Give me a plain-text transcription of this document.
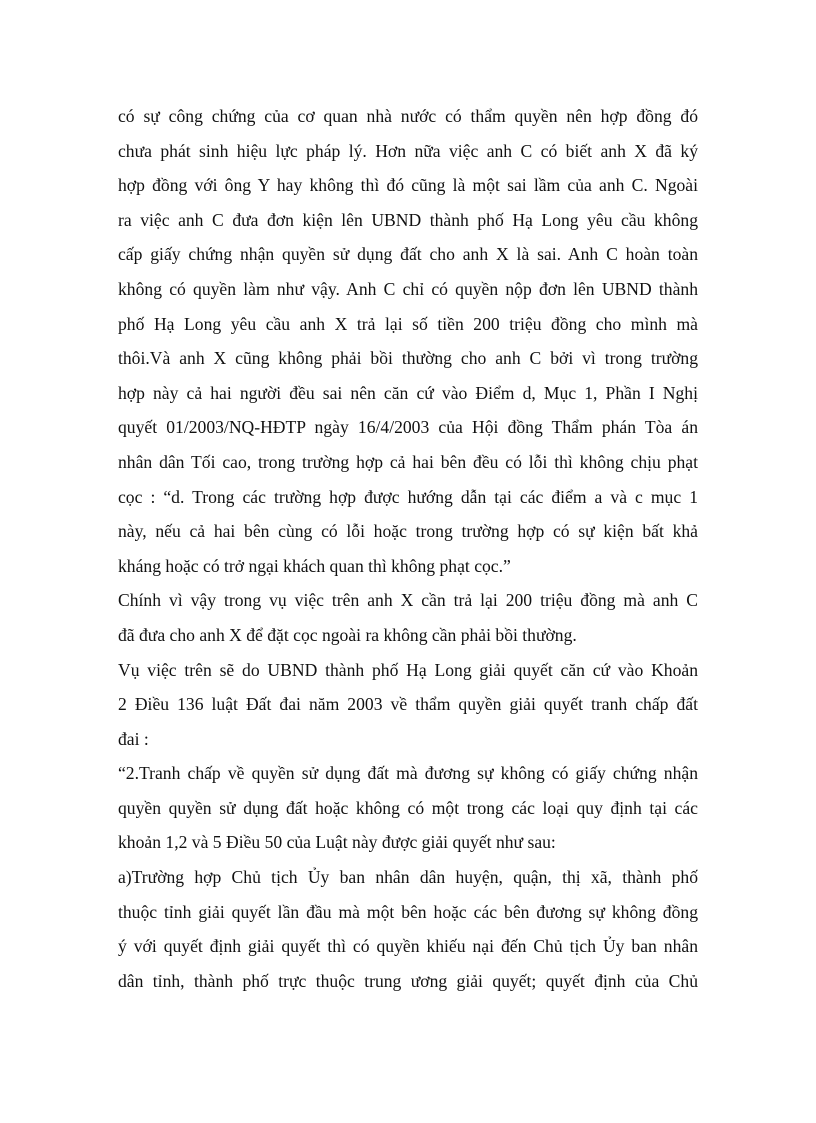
có sự công chứng của cơ quan nhà nước có thẩm quyền nên hợp đồng đó
chưa phát sinh hiệu lực pháp lý. Hơn nữa việc anh C có biết anh X đã ký
hợp đồng với ông Y hay không thì đó cũng là một sai lầm của anh C. Ngoài
ra việc anh C đưa đơn kiện lên UBND thành phố Hạ Long yêu cầu không
cấp giấy chứng nhận quyền sử dụng đất cho anh X là sai. Anh C hoàn toàn
không có quyền làm như vậy. Anh C chỉ có quyền nộp đơn lên UBND thành
phố Hạ Long yêu cầu anh X trả lại số tiền 200 triệu đồng cho mình mà
thôi.Và anh X cũng không phải bồi thường cho anh C bởi vì trong trường
hợp này cả hai người đều sai nên căn cứ vào Điểm d, Mục 1, Phần I Nghị
quyết 01/2003/NQ-HĐTP ngày 16/4/2003 của Hội đồng Thẩm phán Tòa án
nhân dân Tối cao, trong trường hợp cả hai bên đều có lỗi thì không chịu phạt
cọc : “d. Trong các trường hợp được hướng dẫn tại các điểm a và c mục 1
này, nếu cả hai bên cùng có lỗi hoặc trong trường hợp có sự kiện bất khả
kháng hoặc có trở ngại khách quan thì không phạt cọc.”
Chính vì vậy trong vụ việc trên anh X cần trả lại 200 triệu đồng mà anh C
đã đưa cho anh X để đặt cọc ngoài ra không cần phải bồi thường.
Vụ việc trên sẽ do UBND thành phố Hạ Long giải quyết căn cứ vào Khoản
2 Điều 136 luật Đất đai năm 2003 về thẩm quyền giải quyết tranh chấp đất
đai :
“2.Tranh chấp về quyền sử dụng đất mà đương sự không có giấy chứng nhận
quyền quyền sử dụng đất hoặc không có một trong các loại quy định tại các
khoản 1,2 và 5 Điều 50 của Luật này được giải quyết như sau:
a)Trường hợp Chủ tịch Ủy ban nhân dân huyện, quận, thị xã, thành phố
thuộc tỉnh giải quyết lần đầu mà một bên hoặc các bên đương sự không đồng
ý với quyết định giải quyết thì có quyền khiếu nại đến Chủ tịch Ủy ban nhân
dân tỉnh, thành phố trực thuộc trung ương giải quyết; quyết định của Chủ
